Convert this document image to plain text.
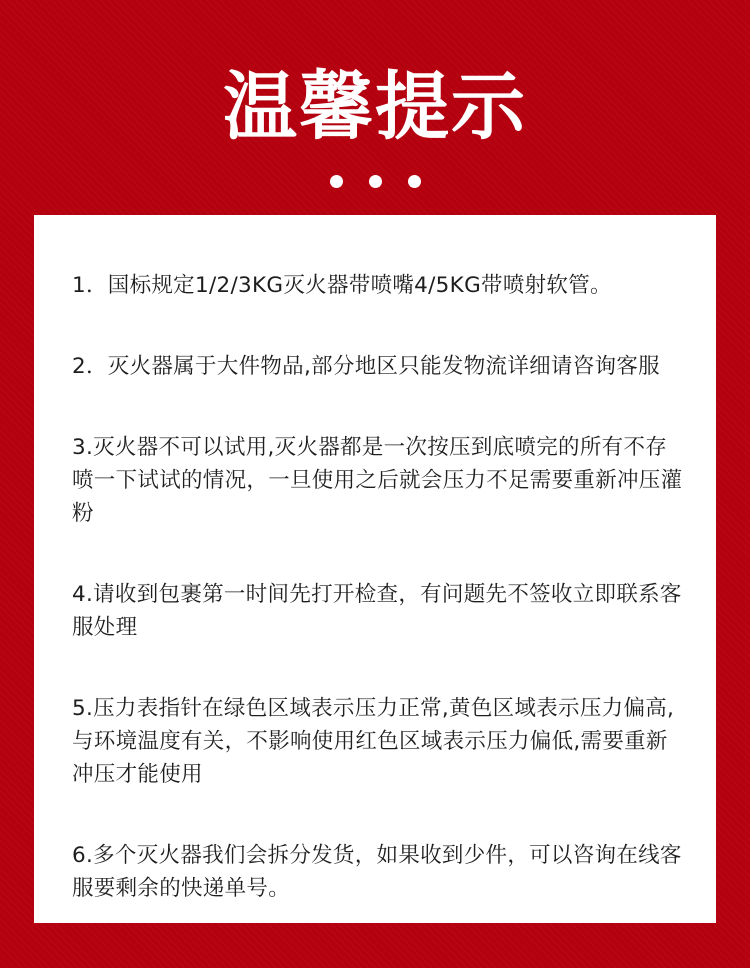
温馨提示

1．国标规定1/2/3KG灭火器带喷嘴4/5KG带喷射软管。

2．灭火器属于大件物品,部分地区只能发物流详细请咨询客服

3.灭火器不可以试用,灭火器都是一次按压到底喷完的所有不存喷一下试试的情况，一旦使用之后就会压力不足需要重新冲压灌粉

4.请收到包裹第一时间先打开检查，有问题先不签收立即联系客服处理

5.压力表指针在绿色区域表示压力正常,黄色区域表示压力偏高,与环境温度有关，不影响使用红色区域表示压力偏低,需要重新冲压才能使用

6.多个灭火器我们会拆分发货，如果收到少件，可以咨询在线客服要剩余的快递单号。
